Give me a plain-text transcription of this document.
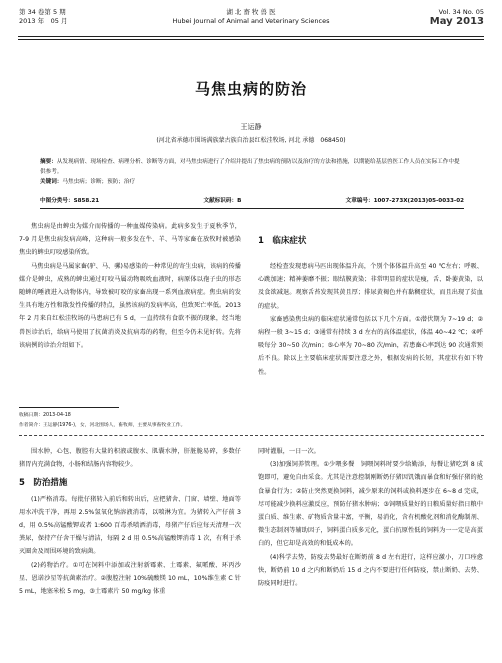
第 34 卷第 5 期
2013 年　05 月
湖 北 畜 牧 兽 医
Hubei Journal of Animal and Veterinary Sciences
Vol. 34 No. 05
May 2013
马焦虫病的防治
王运静
(河北省承德市围场满族蒙古族自治县红松洼牧场, 河北 承德　068450)
摘要：从发现病情、现场检查、病理分析、诊断等方面，对马焦虫病进行了介绍并提出了焦虫病的预防以及治疗的方法和措施，以期能给基层兽医工作人员在实际工作中提供参考。
关键词：马焦虫病；诊断；预防；治疗
中图分类号：S858.21	文献标识码：B	文章编号：1007-273X(2013)05-0033-02

焦虫病是由蜱虫为媒介而传播的一种血媒传染病。此病多发生于夏秋季节，7-9 月是焦虫病发病高峰，这种病一般多发在牛、羊、马等家畜在放牧时被感染焦虫的蜱虫叮咬感染所致。

马焦虫病是马属家畜(驴、马、骡)易感染的一种常见的寄生虫病，该病的传播媒介是蜱虫，成熟的蜱虫通过叮咬马属动物吸吮血液时，病原体以孢子虫的形态随蜱的唾液进入动物体内，导致被叮咬的家畜出现一系列血液病症。焦虫病的发生具有地方性和散发性传播的特点，虽然该病的发病率高，但致死亡率低。2013 年 2 月来自红松洼牧场的马患病已有 5 d，一直持续有食欲不振的现象，经当地兽医诊治后，给病马使用了抗菌消炎及抗病毒的药物，但至今仍未见好转。先将该病例的诊治介绍如下。

1　临床症状

经检查发现患病马匹出现体温升高，个别个体体温升高至 40 ℃左右；呼吸、心跳加速；精神萎靡不振；眼结膜黄染；非常明显的症状是瘦，舌、卧萎黄染，以及食欲减退。观察舌苔发现其黄且厚；排尿黄褐色并有黏稠症状，而且出现了贫血的症状。

家畜感染焦虫病的临床症状通常包括以下几个方面。①潜伏期为 7~19 d；②病程一般 3~15 d；③通常有持续 3 d 左右的高体温症状，体温 40~42 ℃；④呼吸每分 30~50 次/min；⑤心率为 70~80 次/min，若患畜心率到达 90 次通常预后不良。除以上主要临床症状需要注意之外，根据发病的长短，其症状有如下特性。

收稿日期：2013-04-18
作者简介：王运静(1976-)，女，河北围场人，畜牧师，主要从事畜牧业工作。

围水肿，心包、腹腔有大量的积液或腹水、肌囊水肿，肝脏脆易碎，多数仔猪胃内充满食物，小肠和结肠内容物较少。

5　防治措施

(1)严格消毒。每批仔猪转入前后和转出后，应把猪舍、门窗、墙壁、地面等用水冲洗干净，再用 2.5%氢氧化钠溶液消毒，以喷淋为宜。为猪转入产仔前 3 d，用 0.5%高锰酸钾或者 1:600 百毒杀喷洒消毒，母猪产仔后应每天清理一次粪尿，保持产仔舍干燥与清洁，每隔 2 d 用 0.5%高锰酸钾消毒 1 次，有利于杀灭圈舍及周围环境的致病菌。

(2)药物治疗。①可在饲料中添加或注射新霉素、土霉素、氟哌酸、环丙沙星、恩诺沙星等抗菌素治疗。②腹腔注射 10%硫酸镁 10 mL，10%维生素 C 针 5 mL，地塞米松 5 mg，③土霉素片 50 mg/kg 体重

同时灌服，一日一次。

(3)加强饲养管理。①少喂多餐　饲喂饲料时要少给勤添，每餐让猪吃到 8 成饱即可，避免自由采食。尤其是注意控制刚断奶仔猪因饥饿而暴食和好强仔猪的抢食暴食行为；②防止突然更换饲料，减少原来的饲料或换料逐步在 6~8 d 完成，尽可能减少换料应激反应，预防仔猪水肿病；③饲喂质量好的日粮质量好指日粮中蛋白质、维生素、矿物质含量丰富，平衡，易消化，含有机酸化剂和消化酶制剂、微生态制剂等辅助因子，饲料蛋白质多元化，蛋白抗原性低的饲料为一一定是高蛋白的，但它却是高效的和低成本的。

(4)科学去势，防疫去势最好在断奶前 8 d 左右进行，这样应激小，刀口痊愈快，断奶前 10 d 之内和断奶后 15 d 之内不要进行任何防疫，禁止断奶、去势、防疫同时进行。
